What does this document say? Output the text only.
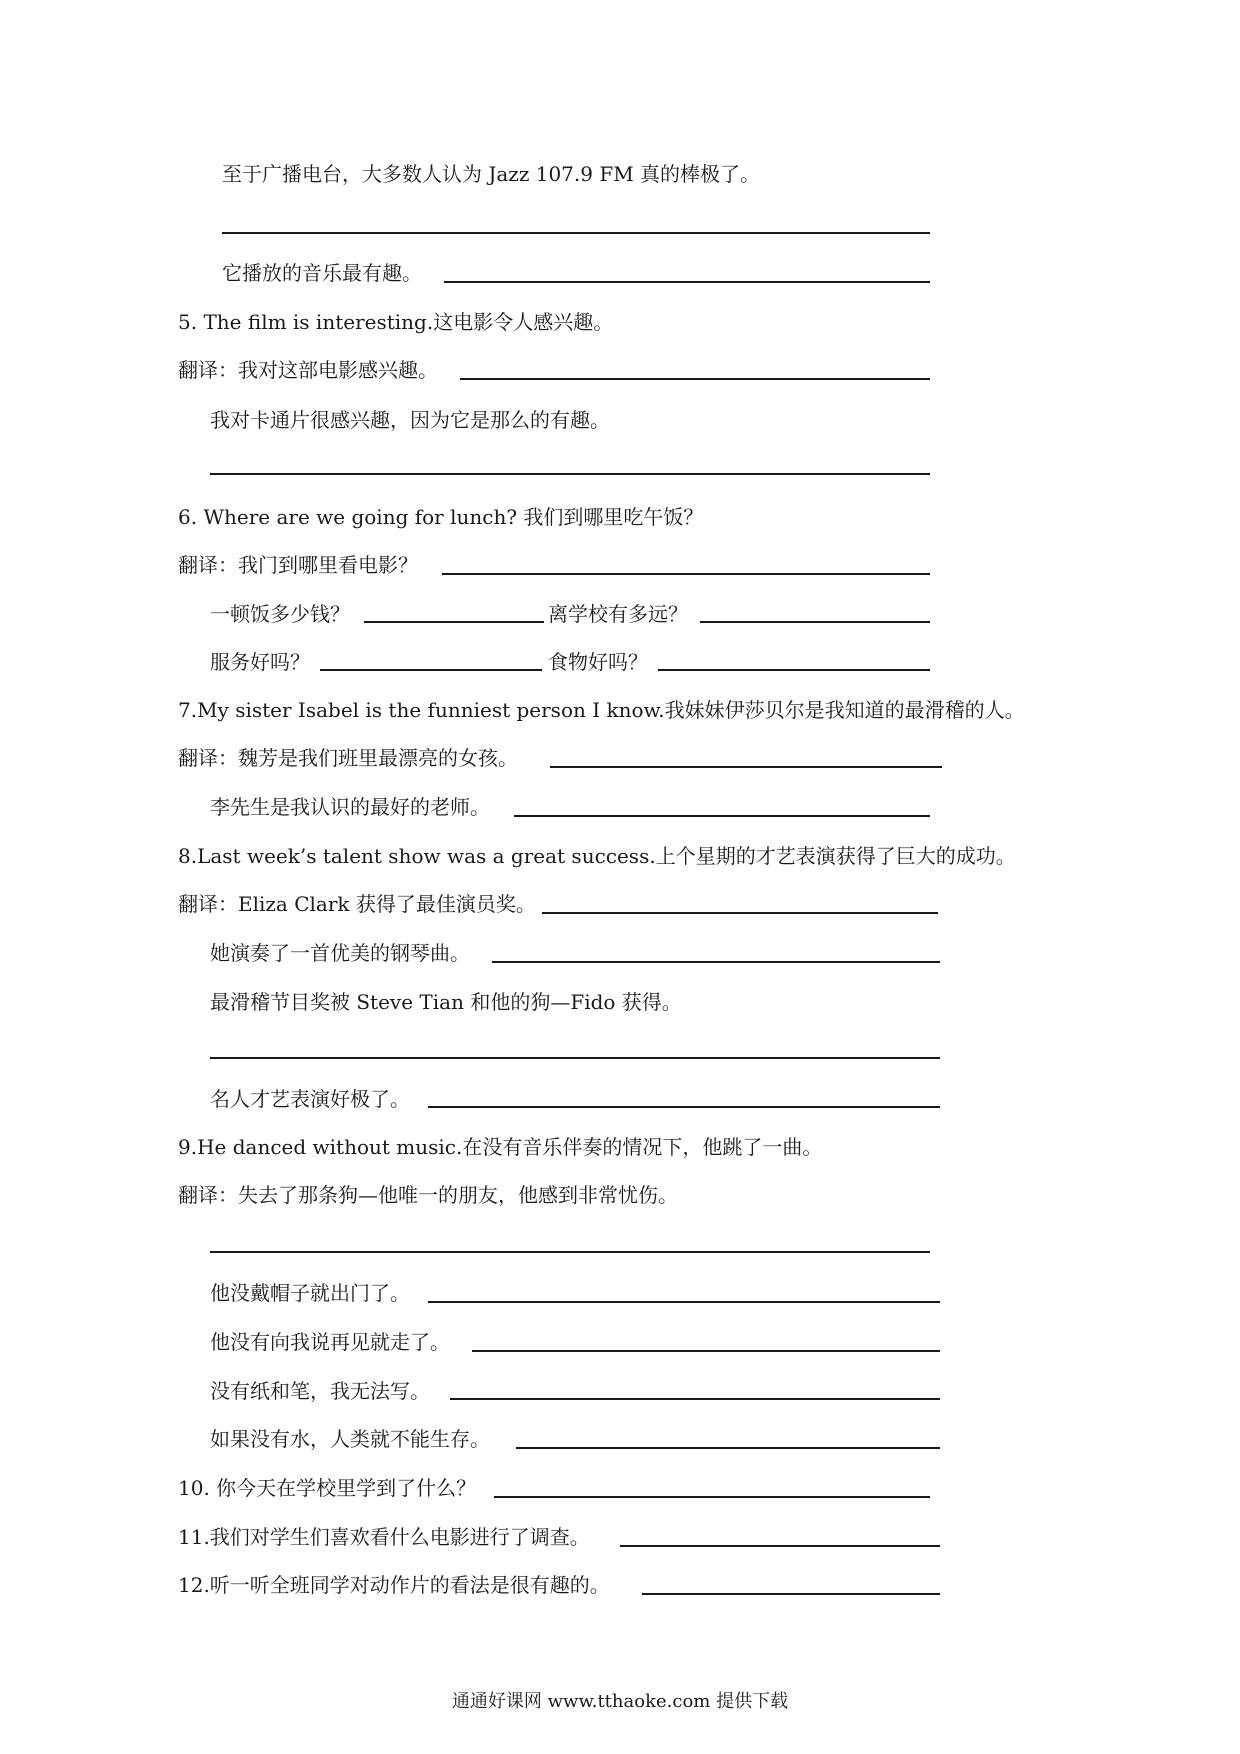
至于广播电台，大多数人认为 Jazz 107.9 FM 真的棒极了。
它播放的音乐最有趣。
5. The film is interesting.这电影令人感兴趣。
翻译：我对这部电影感兴趣。
我对卡通片很感兴趣，因为它是那么的有趣。
6. Where are we going for lunch? 我们到哪里吃午饭？
翻译：我门到哪里看电影？
一顿饭多少钱？	离学校有多远？
服务好吗？	食物好吗？
7.My sister Isabel is the funniest person I know.我妹妹伊莎贝尔是我知道的最滑稽的人。
翻译：魏芳是我们班里最漂亮的女孩。
李先生是我认识的最好的老师。
8.Last week’s talent show was a great success.上个星期的才艺表演获得了巨大的成功。
翻译：Eliza Clark 获得了最佳演员奖。
她演奏了一首优美的钢琴曲。
最滑稽节目奖被 Steve Tian 和他的狗—Fido 获得。
名人才艺表演好极了。
9.He danced without music.在没有音乐伴奏的情况下，他跳了一曲。
翻译：失去了那条狗—他唯一的朋友，他感到非常忧伤。
他没戴帽子就出门了。
他没有向我说再见就走了。
没有纸和笔，我无法写。
如果没有水，人类就不能生存。
10. 你今天在学校里学到了什么？
11.我们对学生们喜欢看什么电影进行了调查。
12.听一听全班同学对动作片的看法是很有趣的。
通通好课网 www.tthaoke.com 提供下载
